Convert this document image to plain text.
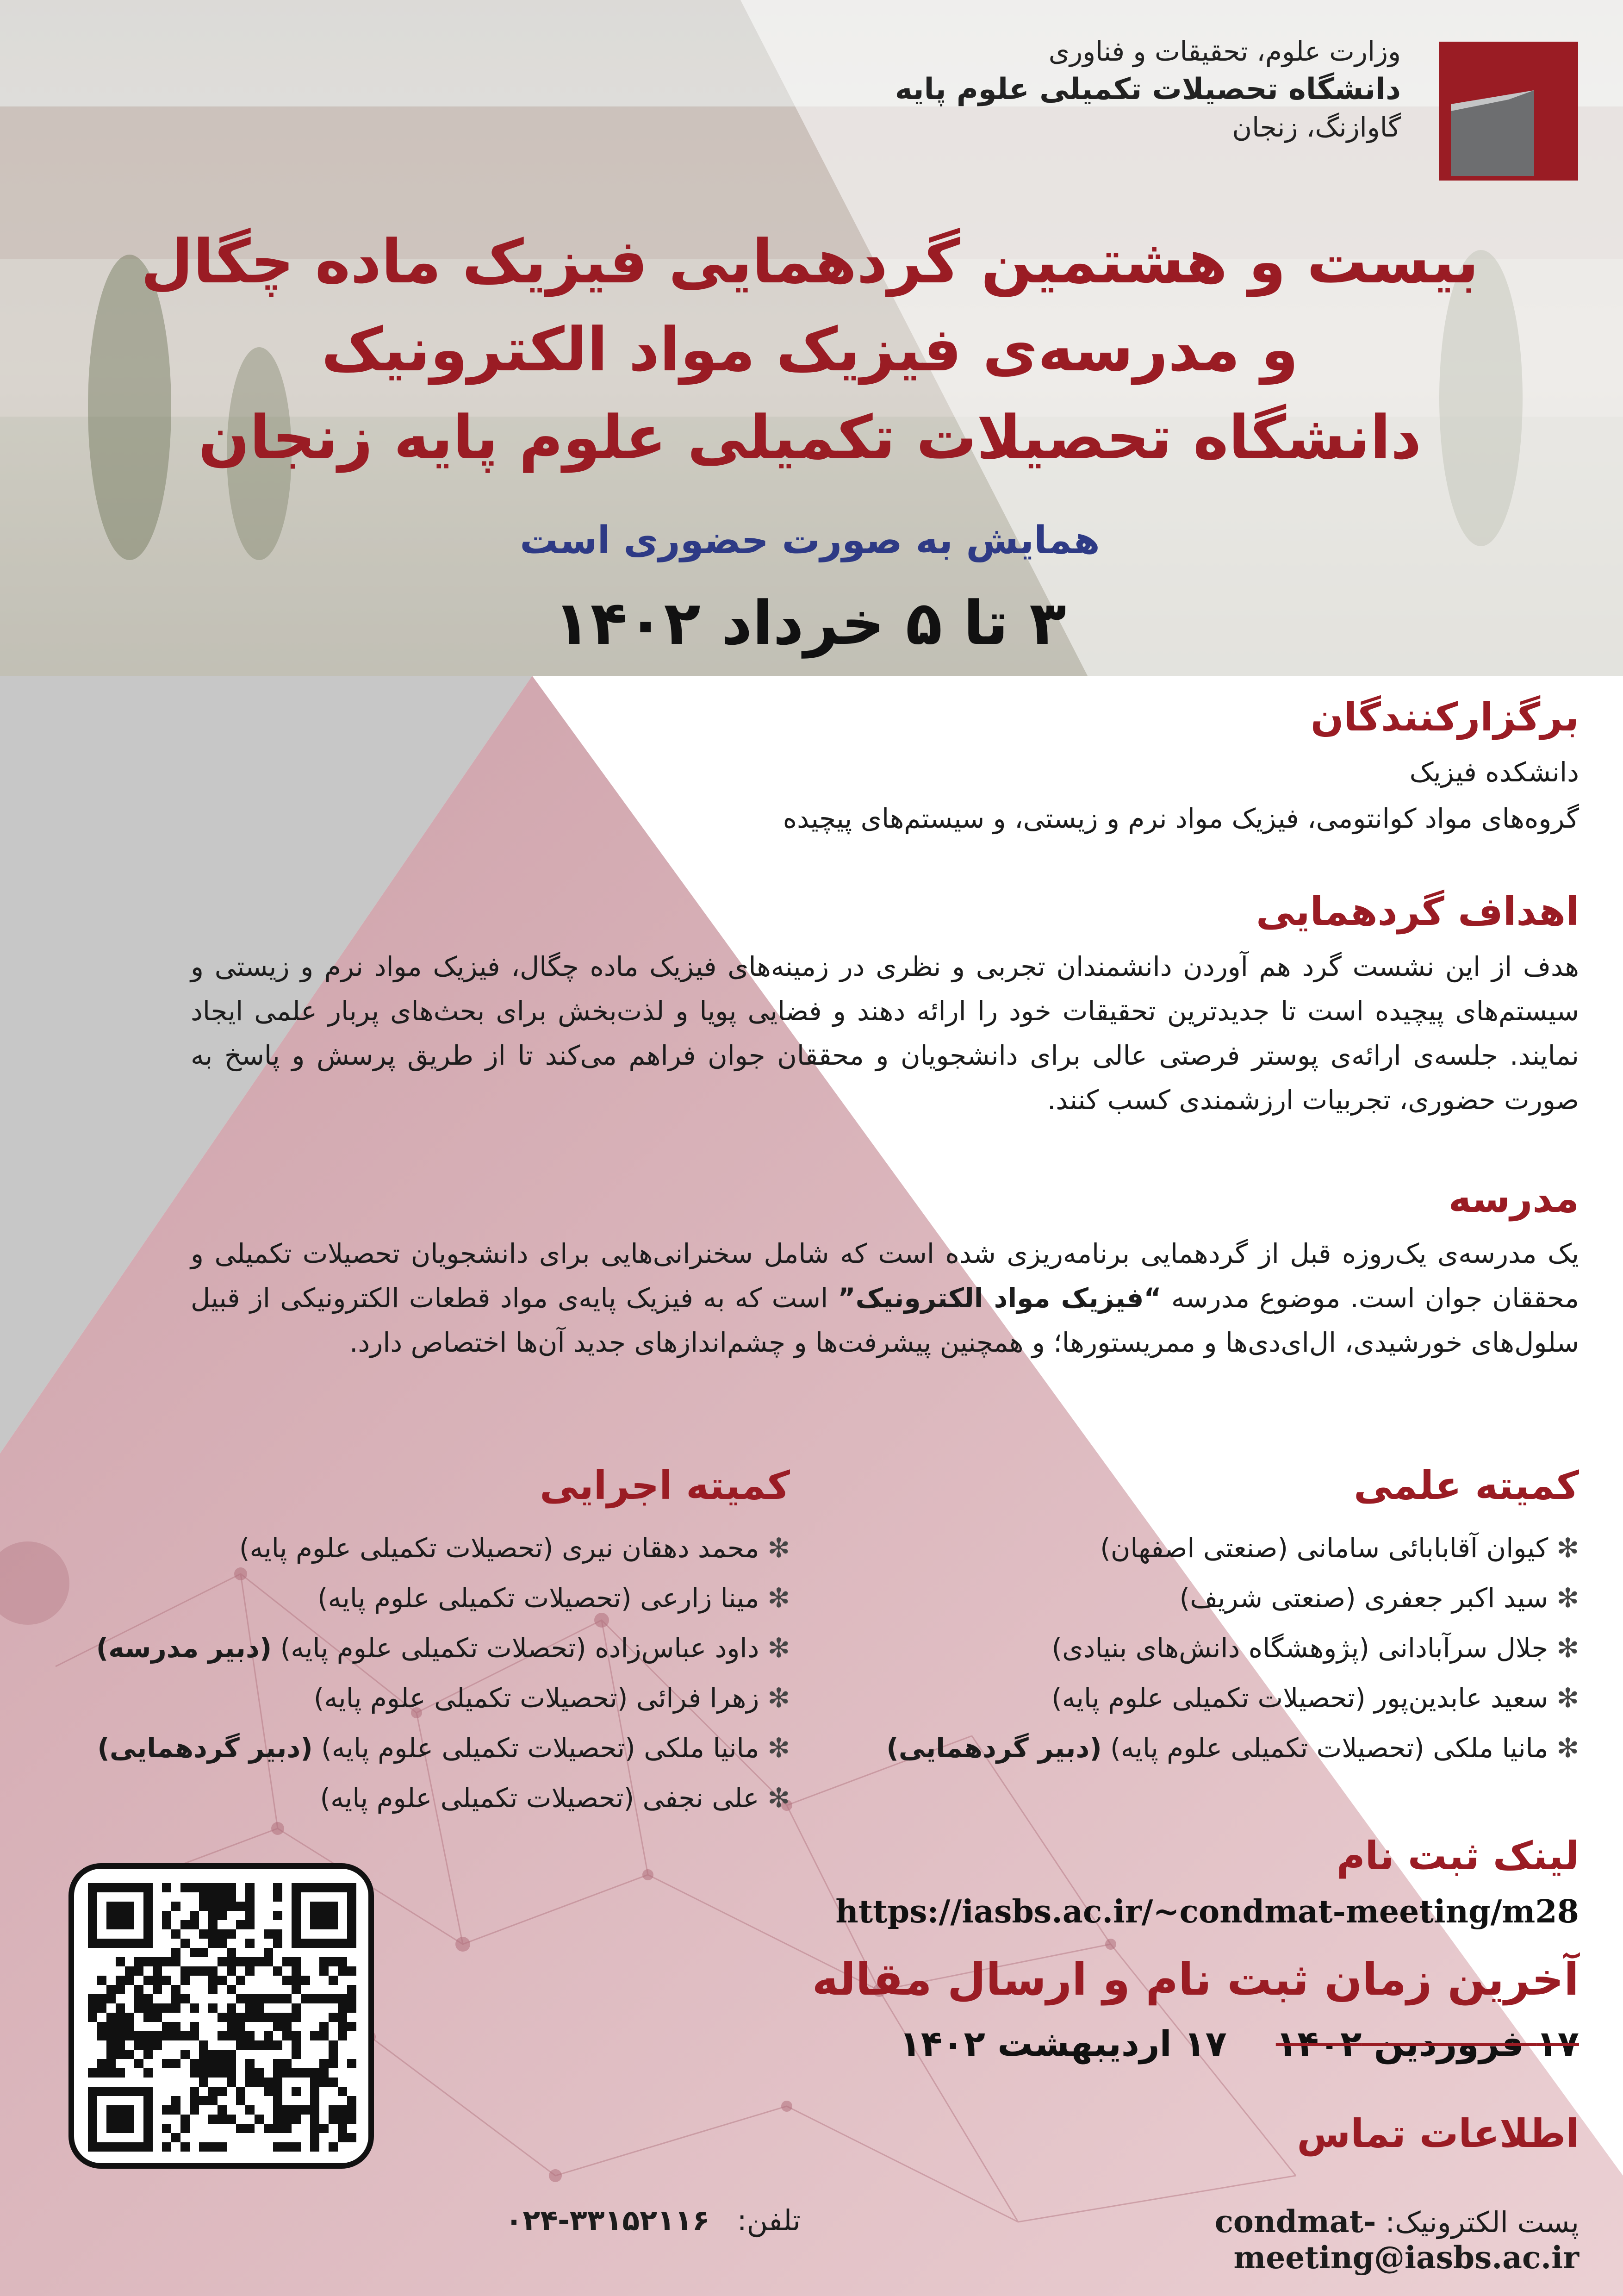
وزارت علوم، تحقیقات و فناوری
دانشگاه تحصیلات تکمیلی علوم پایه
گاوازنگ، زنجان
بیست و هشتمین گردهمایی فیزیک ماده چگال
و مدرسه‌ی فیزیک مواد الکترونیک
دانشگاه تحصیلات تکمیلی علوم پایه زنجان
همایش به صورت حضوری است
۳ تا ۵ خرداد ۱۴۰۲
برگزارکنندگان
دانشکده فیزیک
گروه‌های مواد کوانتومی، فیزیک مواد نرم و زیستی، و سیستم‌های پیچیده
اهداف گردهمایی
هدف از این نشست گرد هم آوردن دانشمندان تجربی و نظری در زمینه‌های فیزیک ماده چگال، فیزیک مواد نرم و زیستی و سیستم‌های پیچیده است تا جدیدترین تحقیقات خود را ارائه دهند و فضایی پویا و لذت‌بخش برای بحث‌های پربار علمی ایجاد نمایند. جلسه‌ی ارائه‌ی پوستر فرصتی عالی برای دانشجویان و محققان جوان فراهم می‌کند تا از طریق پرسش و پاسخ به صورت حضوری، تجربیات ارزشمندی کسب کنند.
مدرسه
یک مدرسه‌ی یک‌روزه قبل از گردهمایی برنامه‌ریزی شده است که شامل سخنرانی‌هایی برای دانشجویان تحصیلات تکمیلی و محققان جوان است. موضوع مدرسه “فیزیک مواد الکترونیک” است که به فیزیک پایه‌ی مواد قطعات الکترونیکی از قبیل سلول‌های خورشیدی، ال‌ای‌دی‌ها و ممریستورها؛ و همچنین پیشرفت‌ها و چشم‌اندازهای جدید آن‌ها اختصاص دارد.
کمیته علمی
کمیته اجرایی
✻کیوان آقابابائی سامانی (صنعتی اصفهان)
✻سید اکبر جعفری (صنعتی شریف)
✻جلال سرآبادانی (پژوهشگاه دانش‌های بنیادی)
✻سعید عابدین‌پور (تحصیلات تکمیلی علوم پایه)
✻مانیا ملکی (تحصیلات تکمیلی علوم پایه) (دبیر گردهمایی)
✻محمد دهقان نیری (تحصیلات تکمیلی علوم پایه)
✻مینا زارعی (تحصیلات تکمیلی علوم پایه)
✻داود عباس‌زاده (تحصلات تکمیلی علوم پایه) (دبیر مدرسه)
✻زهرا فرائی (تحصیلات تکمیلی علوم پایه)
✻مانیا ملکی (تحصیلات تکمیلی علوم پایه) (دبیر گردهمایی)
✻علی نجفی (تحصیلات تکمیلی علوم پایه)
لینک ثبت نام
https://iasbs.ac.ir/~condmat-meeting/m28
آخرین زمان ثبت نام و ارسال مقاله
۱۷ فروردین ۱۴۰۲    ۱۷ اردیبهشت ۱۴۰۲
اطلاعات تماس
پست الکترونیک: condmat-meeting@iasbs.ac.ir
تلفن:   ۰۲۴-۳۳۱۵۲۱۱۶
